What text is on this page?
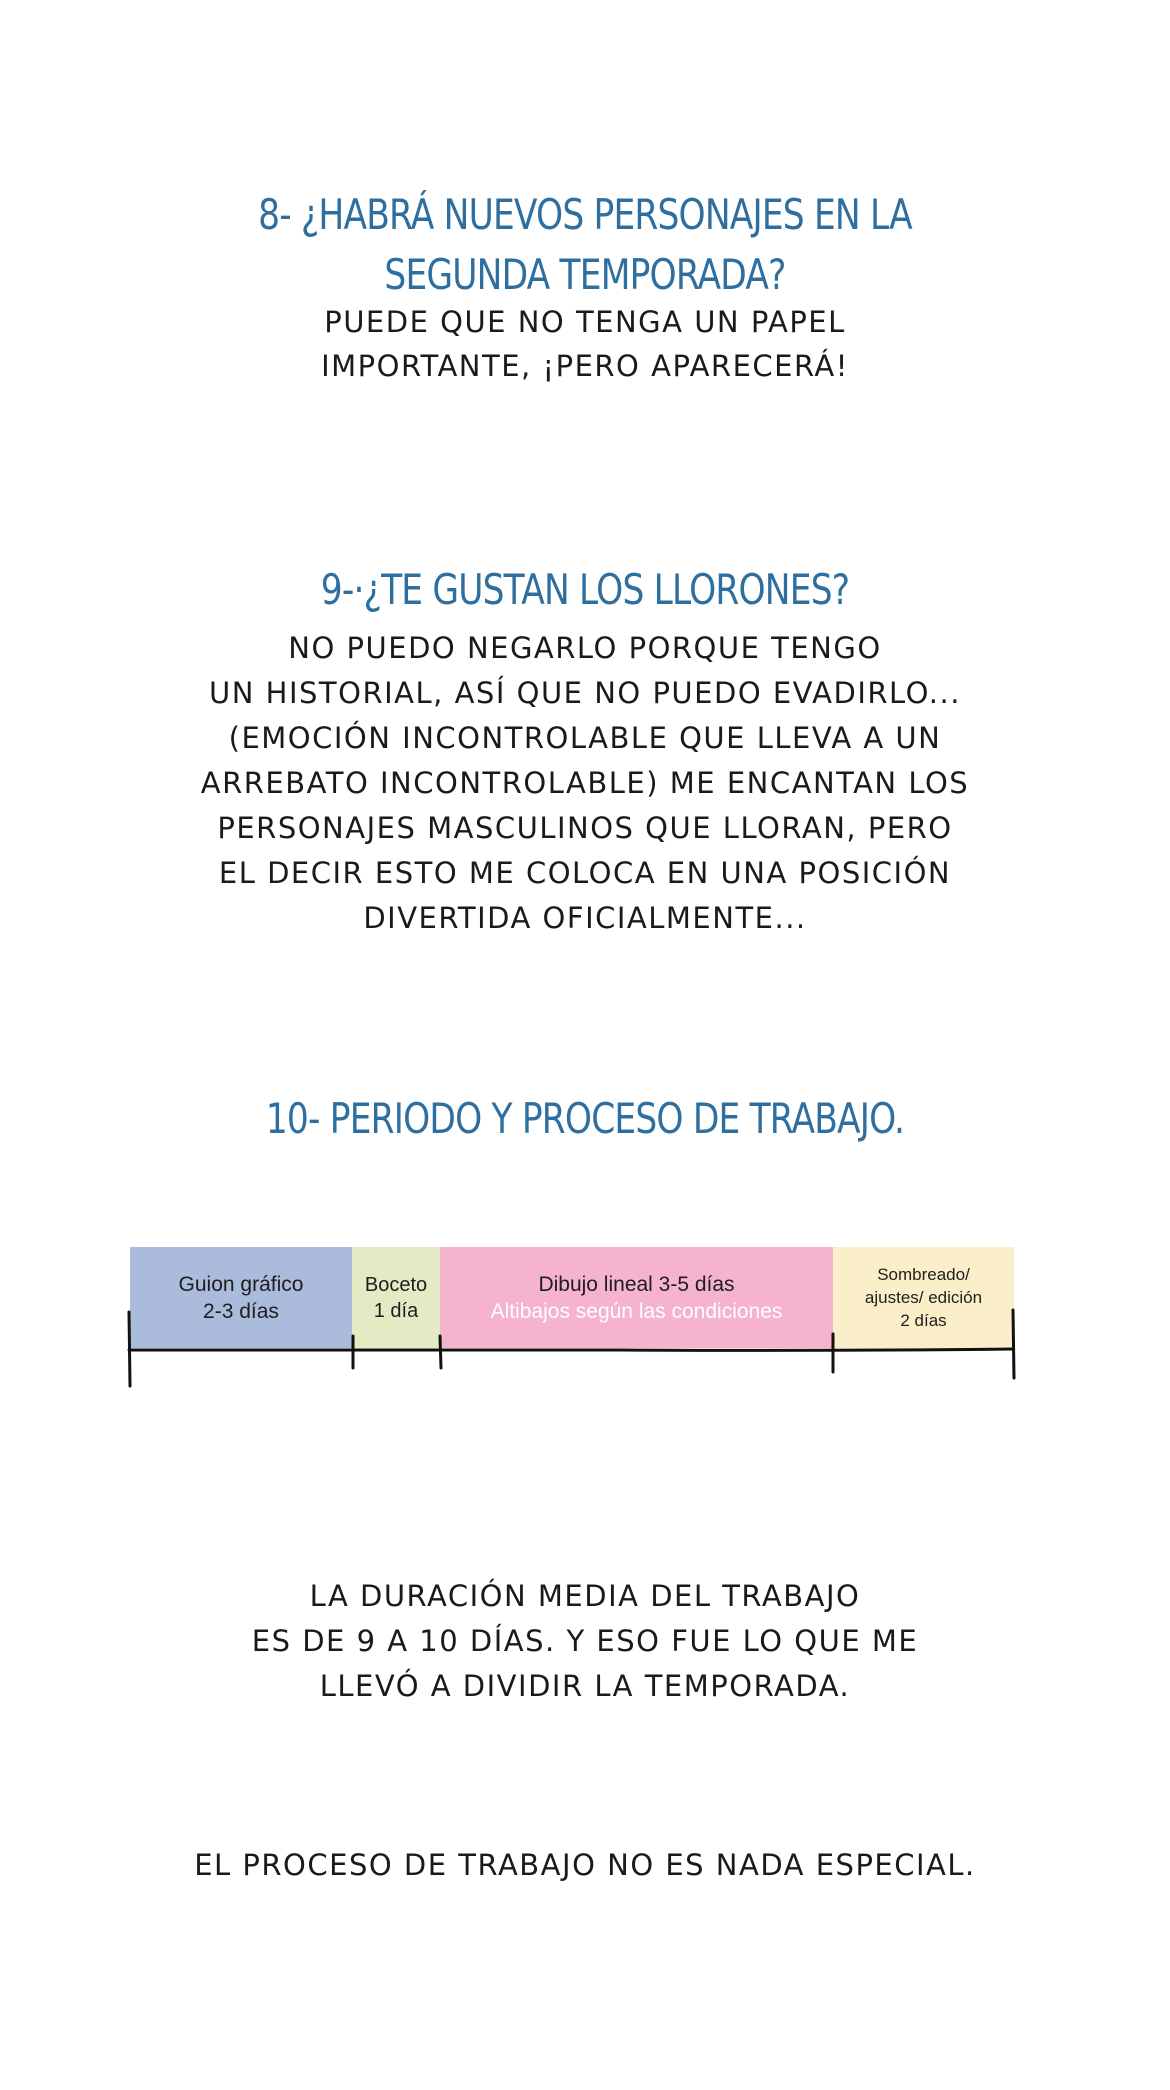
8- ¿HABRÁ NUEVOS PERSONAJES EN LA
SEGUNDA TEMPORADA?
PUEDE QUE NO TENGA UN PAPEL
IMPORTANTE, ¡PERO APARECERÁ!
9-·¿TE GUSTAN LOS LLORONES?
NO PUEDO NEGARLO PORQUE TENGO
UN HISTORIAL, ASÍ QUE NO PUEDO EVADIRLO...
(EMOCIÓN INCONTROLABLE QUE LLEVA A UN
ARREBATO INCONTROLABLE) ME ENCANTAN LOS
PERSONAJES MASCULINOS QUE LLORAN, PERO
EL DECIR ESTO ME COLOCA EN UNA POSICIÓN
DIVERTIDA OFICIALMENTE...
10- PERIODO Y PROCESO DE TRABAJO.
Guion gráfico
2-3 días
Boceto
1 día
Dibujo lineal 3-5 días
Altibajos según las condiciones
Sombreado/
ajustes/ edición
2 días
LA DURACIÓN MEDIA DEL TRABAJO
ES DE 9 A 10 DÍAS. Y ESO FUE LO QUE ME
LLEVÓ A DIVIDIR LA TEMPORADA.
EL PROCESO DE TRABAJO NO ES NADA ESPECIAL.
